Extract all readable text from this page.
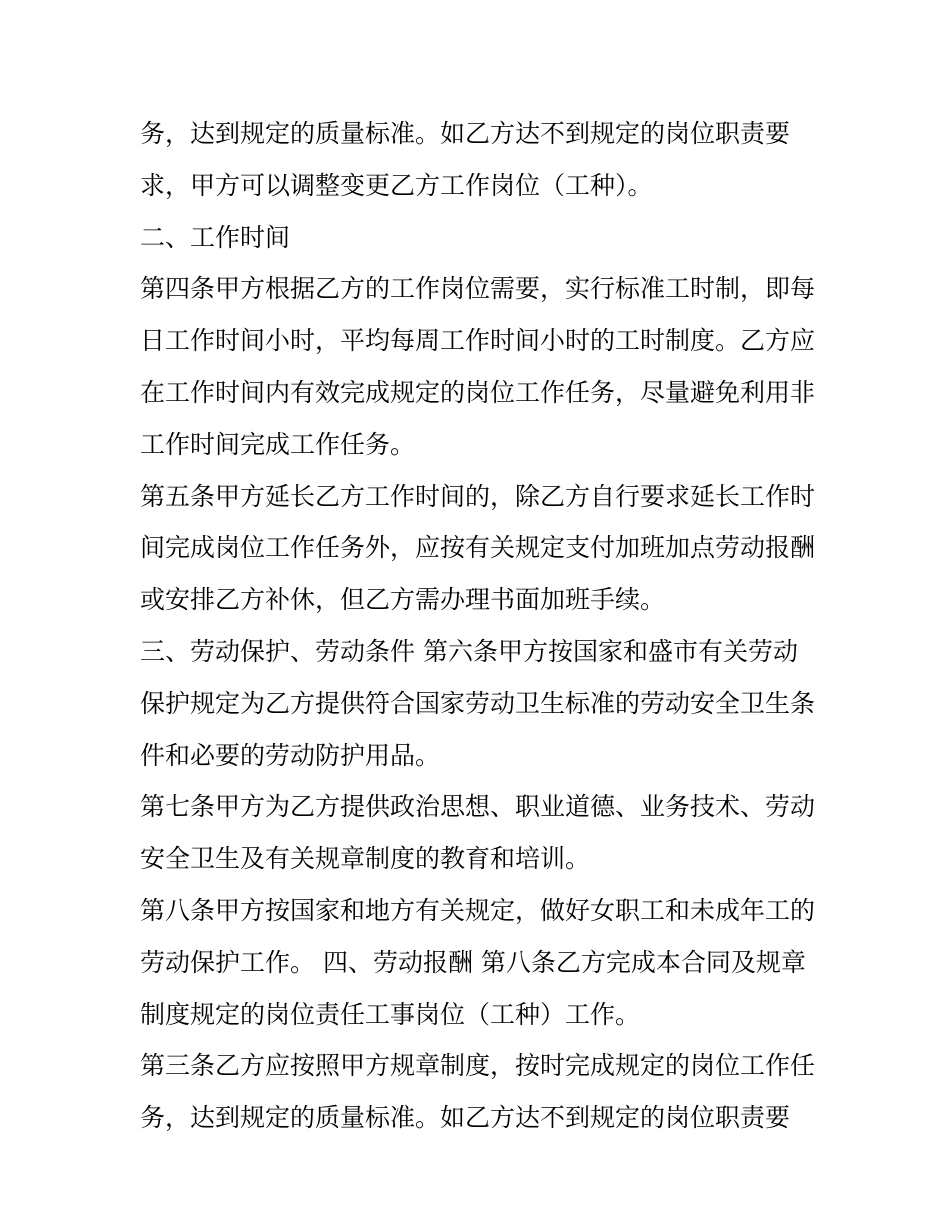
务，达到规定的质量标准。如乙方达不到规定的岗位职责要
求，甲方可以调整变更乙方工作岗位（工种）。
二、工作时间
第四条甲方根据乙方的工作岗位需要，实行标准工时制，即每
日工作时间小时，平均每周工作时间小时的工时制度。乙方应
在工作时间内有效完成规定的岗位工作任务，尽量避免利用非
工作时间完成工作任务。
第五条甲方延长乙方工作时间的，除乙方自行要求延长工作时
间完成岗位工作任务外，应按有关规定支付加班加点劳动报酬
或安排乙方补休，但乙方需办理书面加班手续。
三、劳动保护、劳动条件 第六条甲方按国家和盛市有关劳动
保护规定为乙方提供符合国家劳动卫生标准的劳动安全卫生条
件和必要的劳动防护用品。
第七条甲方为乙方提供政治思想、职业道德、业务技术、劳动
安全卫生及有关规章制度的教育和培训。
第八条甲方按国家和地方有关规定，做好女职工和未成年工的
劳动保护工作。 四、劳动报酬 第八条乙方完成本合同及规章
制度规定的岗位责任工事岗位（工种）工作。
第三条乙方应按照甲方规章制度，按时完成规定的岗位工作任
务，达到规定的质量标准。如乙方达不到规定的岗位职责要
